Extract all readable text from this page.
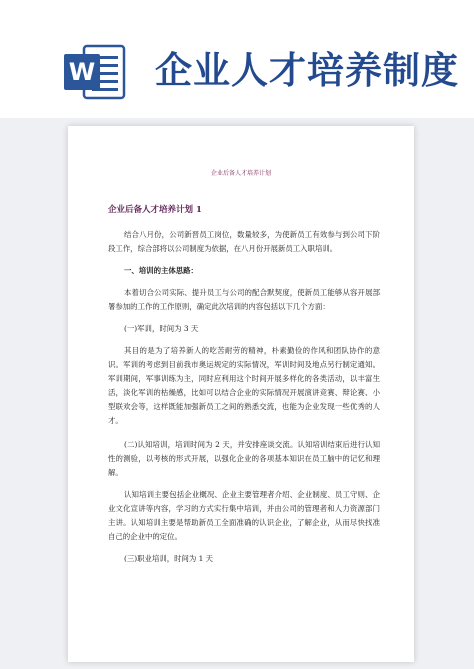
W 企业人才培养制度
企业后备人才培养计划
企业后备人才培养计划 1

结合八月份，公司新晋员工岗位，数量较多，为使新员工有效参与到公司下阶段工作，综合部将以公司制度为依据，在八月份开展新员工入职培训。

一、培训的主体思路：

本着切合公司实际、提升员工与公司的配合默契度，使新员工能够从容开展部署参加的工作的工作原则，确定此次培训的内容包括以下几个方面：

(一)军训，时间为 3 天

其目的是为了培养新人的吃苦耐劳的精神，朴素勤俭的作风和团队协作的意识。军训的考虑到目前我市奥运规定的实际情况，军训时间及地点另行制定通知。军训期间，军事训练为主，同时应利用这个时间开展多样化的各类活动，以丰富生活，淡化军训的枯燥感，比如可以结合企业的实际情况开展演讲竞赛、辩论赛、小型联欢会等，这样既能加强新员工之间的熟悉交流，也能为企业发现一些优秀的人才。

(二)认知培训，培训时间为 2 天，并安排座谈交流。认知培训结束后进行认知性的测验，以考核的形式开展，以强化企业的各项基本知识在员工脑中的记忆和理解。

认知培训主要包括企业概况、企业主要管理者介绍、企业制度、员工守则、企业文化宣讲等内容，学习的方式实行集中培训，并由公司的管理者和人力资源部门主讲。认知培训主要是帮助新员工全面准确的认识企业，了解企业，从而尽快找准自己的企业中的定位。

(三)职业培训，时间为 1 天
